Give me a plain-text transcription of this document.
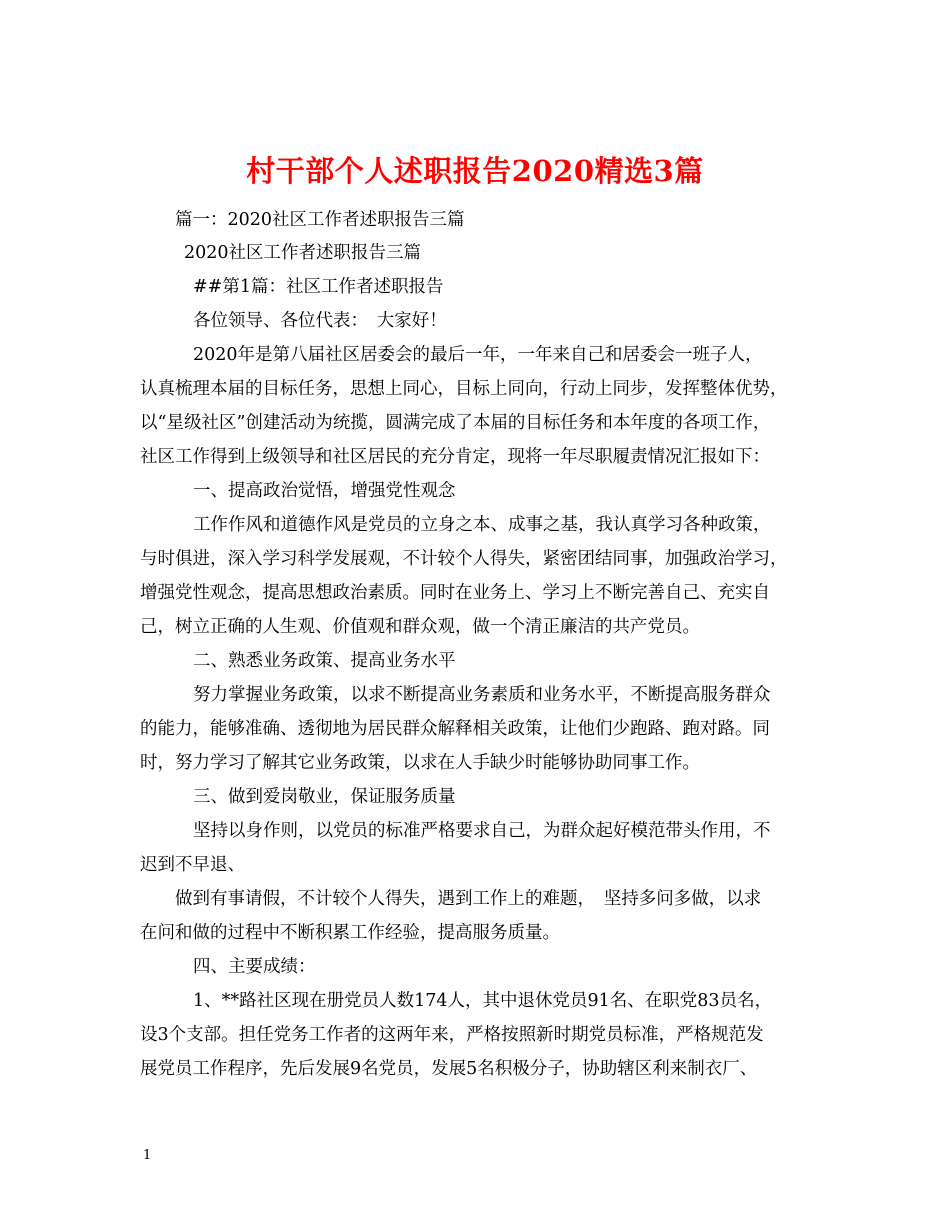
村干部个人述职报告2020精选3篇
篇一：2020社区工作者述职报告三篇
2020社区工作者述职报告三篇
##第1篇：社区工作者述职报告
各位领导、各位代表：　大家好！
2020年是第八届社区居委会的最后一年，一年来自己和居委会一班子人，
认真梳理本届的目标任务，思想上同心，目标上同向，行动上同步，发挥整体优势，
以“星级社区”创建活动为统揽，圆满完成了本届的目标任务和本年度的各项工作，
社区工作得到上级领导和社区居民的充分肯定，现将一年尽职履责情况汇报如下：
一、提高政治觉悟，增强党性观念
工作作风和道德作风是党员的立身之本、成事之基，我认真学习各种政策，
与时俱进，深入学习科学发展观，不计较个人得失，紧密团结同事，加强政治学习，
增强党性观念，提高思想政治素质。同时在业务上、学习上不断完善自己、充实自
己，树立正确的人生观、价值观和群众观，做一个清正廉洁的共产党员。
二、熟悉业务政策、提高业务水平
努力掌握业务政策，以求不断提高业务素质和业务水平，不断提高服务群众
的能力，能够准确、透彻地为居民群众解释相关政策，让他们少跑路、跑对路。同
时，努力学习了解其它业务政策，以求在人手缺少时能够协助同事工作。
三、做到爱岗敬业，保证服务质量
坚持以身作则，以党员的标准严格要求自己，为群众起好模范带头作用，不
迟到不早退、
做到有事请假，不计较个人得失，遇到工作上的难题，　坚持多问多做，以求
在问和做的过程中不断积累工作经验，提高服务质量。
四、主要成绩：
1、**路社区现在册党员人数174人，其中退休党员91名、在职党83员名，
设3个支部。担任党务工作者的这两年来，严格按照新时期党员标准，严格规范发
展党员工作程序，先后发展9名党员，发展5名积极分子，协助辖区利来制衣厂、
1
